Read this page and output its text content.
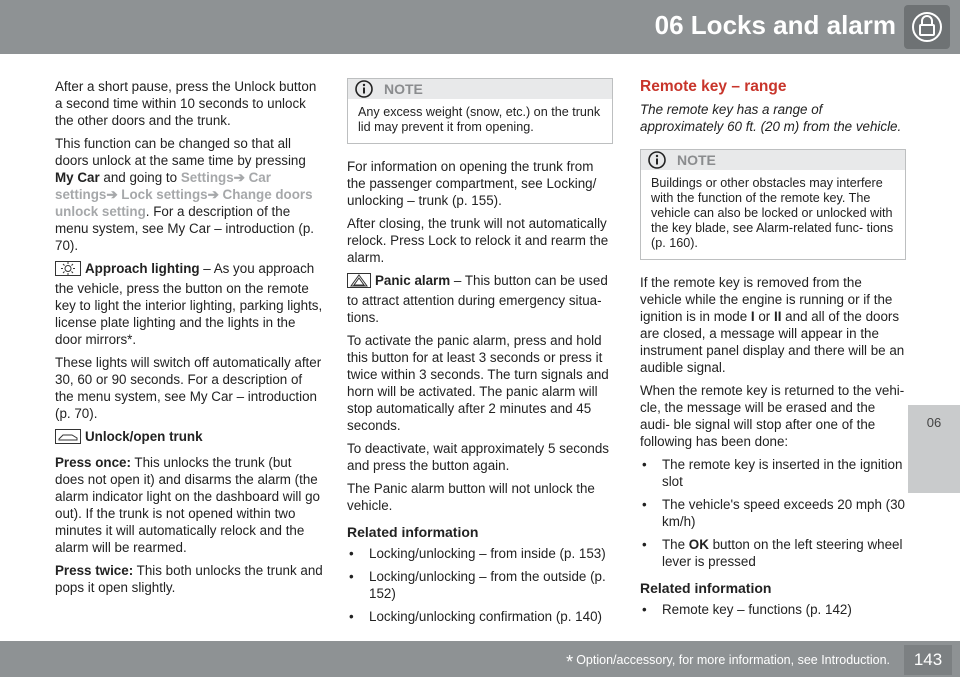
06 Locks and alarm
06

After a short pause, press the Unlock button a second time within 10 seconds to unlock the other doors and the trunk.

This function can be changed so that all doors unlock at the same time by pressing My Car and going to Settings➔ Car settings➔ Lock settings➔ Change doors unlock setting. For a description of the menu system, see My Car – introduction (p. 70).

Approach lighting – As you approach the vehicle, press the button on the remote key to light the interior lighting, parking lights, license plate lighting and the lights in the door mirrors*.

These lights will switch off automatically after 30, 60 or 90 seconds. For a description of the menu system, see My Car – introduction (p. 70).

Unlock/open trunk

Press once: This unlocks the trunk (but does not open it) and disarms the alarm (the alarm indicator light on the dashboard will go out). If the trunk is not opened within two minutes it will automatically relock and the alarm will be rearmed.

Press twice: This both unlocks the trunk and pops it open slightly.

NOTE
Any excess weight (snow, etc.) on the trunk lid may prevent it from opening.

For information on opening the trunk from the passenger compartment, see Locking/ unlocking – trunk (p. 155).

After closing, the trunk will not automatically relock. Press Lock to relock it and rearm the alarm.

Panic alarm – This button can be used to attract attention during emergency situa- tions.

To activate the panic alarm, press and hold this button for at least 3 seconds or press it twice within 3 seconds. The turn signals and horn will be activated. The panic alarm will stop automatically after 2 minutes and 45 seconds.

To deactivate, wait approximately 5 seconds and press the button again.

The Panic alarm button will not unlock the vehicle.

Related information
• Locking/unlocking – from inside (p. 153)
• Locking/unlocking – from the outside (p. 152)
• Locking/unlocking confirmation (p. 140)
Remote key – range

The remote key has a range of approximately 60 ft. (20 m) from the vehicle.

NOTE
Buildings or other obstacles may interfere with the function of the remote key. The vehicle can also be locked or unlocked with the key blade, see Alarm-related func- tions (p. 160).

If the remote key is removed from the vehicle while the engine is running or if the ignition is in mode I or II and all of the doors are closed, a message will appear in the instrument panel display and there will be an audible signal.

When the remote key is returned to the vehi- cle, the message will be erased and the audi- ble signal will stop after one of the following has been done:

• The remote key is inserted in the ignition slot
• The vehicle's speed exceeds 20 mph (30 km/h)
• The OK button on the left steering wheel lever is pressed
Related information
• Remote key – functions (p. 142)
* Option/accessory, for more information, see Introduction.	143
